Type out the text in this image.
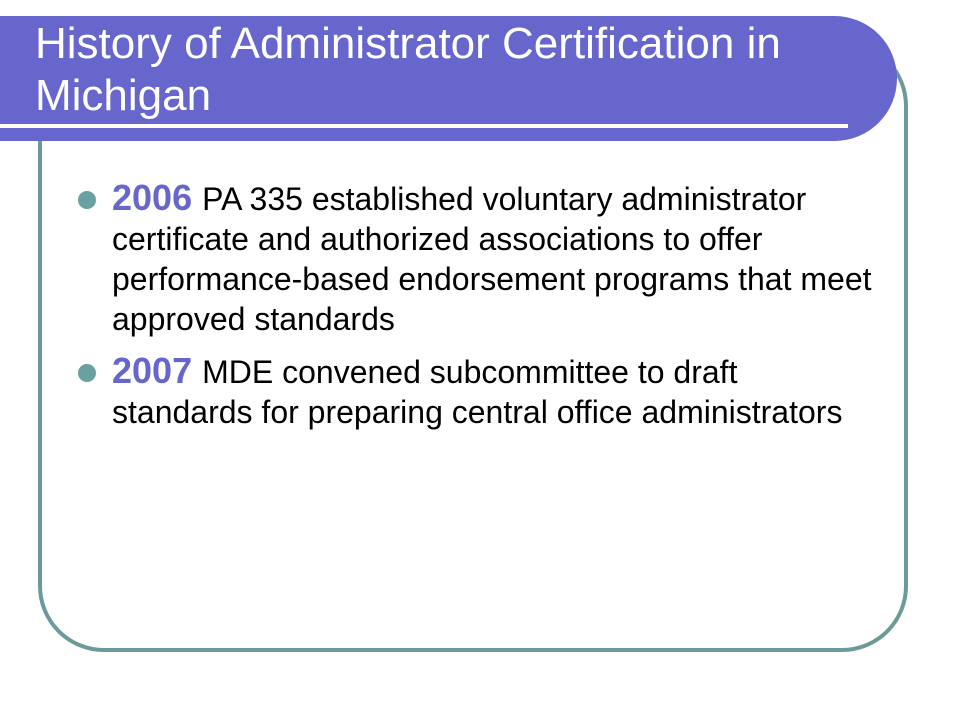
History of Administrator Certification in Michigan
2006 PA 335 established voluntary administrator certificate and authorized associations to offer performance-based endorsement programs that meet approved standards
2007 MDE convened subcommittee to draft standards for preparing central office administrators
